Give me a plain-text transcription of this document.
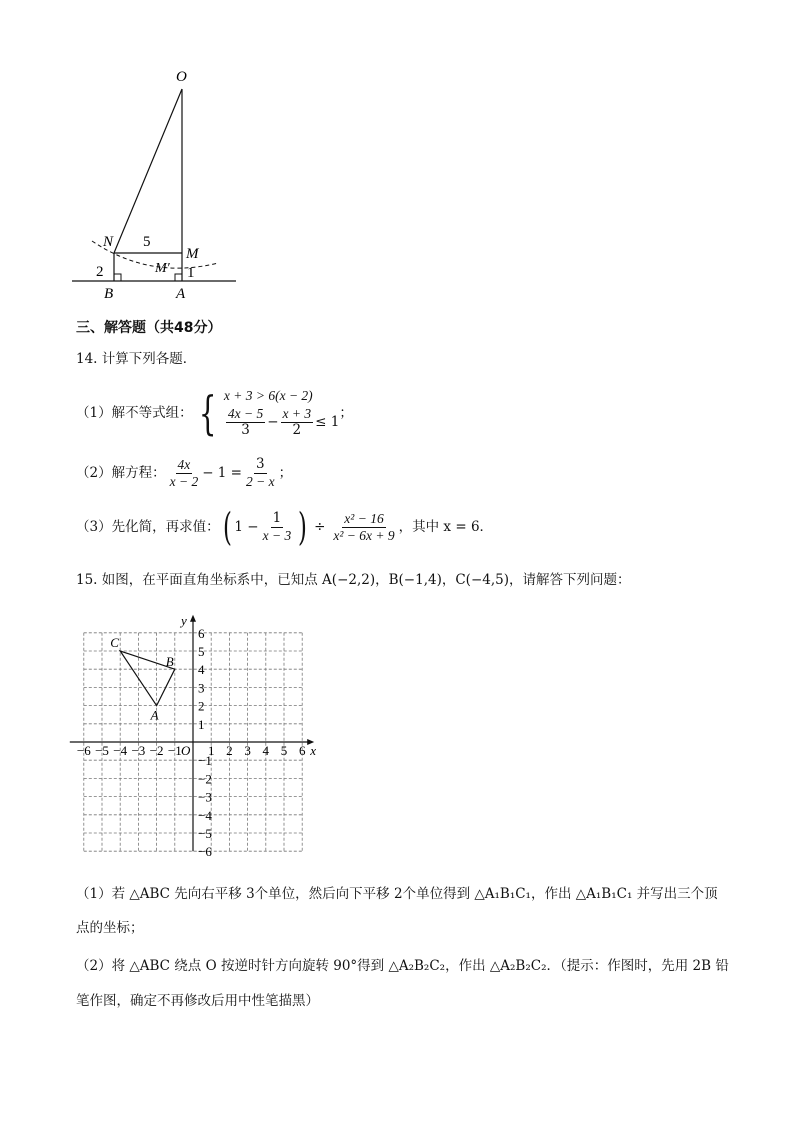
O
N
M
M′
5
2	1
B	A
三、解答题（共48分）
14. 计算下列各题．
（1）解不等式组： { x + 3 > 6(x − 2)
$\frac{4x - 5}{3} - \frac{x + 3}{2} \le 1$
；
（2）解方程： $\frac{4x}{x - 2} - 1 = \frac{3}{2 - x}$ ；
（3）先化简，再求值： ( $1 - \frac{1}{x - 3}$ ) ÷ $\frac{\text{x² − 16}}{\text{x² − 6x + 9}}$ ，其中 x = 6．
15. 如图，在平面直角坐标系中，已知点 A(−2,2)，B(−1,4)，C(−4,5)，请解答下列问题：
x
y
O
−6 −5 −4 −3 −2 −1 1 2 3 4 5 6
6
5
4
3
2
1
−1
−2
−3
−4
−5
−6
A
B
C
（1）若 △ABC 先向右平移 3个单位，然后向下平移 2个单位得到 △A₁B₁C₁，作出 △A₁B₁C₁ 并写出三个顶
点的坐标；
（2）将 △ABC 绕点 O 按逆时针方向旋转 90°得到 △A₂B₂C₂，作出 △A₂B₂C₂．（提示：作图时，先用 2B 铅
笔作图，确定不再修改后用中性笔描黑）
